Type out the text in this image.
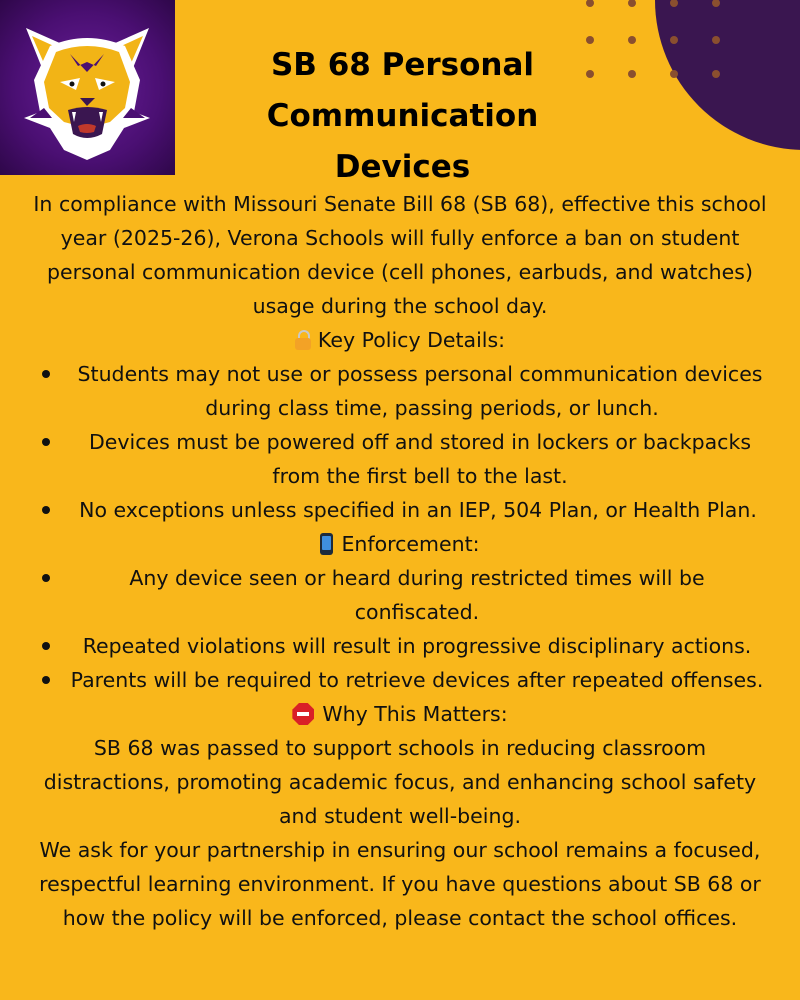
SB 68 Personal
Communication
Devices
In compliance with Missouri Senate Bill 68 (SB 68), effective this school
year (2025-26), Verona Schools will fully enforce a ban on student
personal communication device (cell phones, earbuds, and watches)
usage during the school day.
Key Policy Details:
Students may not use or possess personal communication devices
during class time, passing periods, or lunch.
Devices must be powered off and stored in lockers or backpacks
from the first bell to the last.
No exceptions unless specified in an IEP, 504 Plan, or Health Plan.
Enforcement:
Any device seen or heard during restricted times will be
confiscated.
Repeated violations will result in progressive disciplinary actions.
Parents will be required to retrieve devices after repeated offenses.
Why This Matters:
SB 68 was passed to support schools in reducing classroom
distractions, promoting academic focus, and enhancing school safety
and student well-being.
We ask for your partnership in ensuring our school remains a focused,
respectful learning environment. If you have questions about SB 68 or
how the policy will be enforced, please contact the school offices.
